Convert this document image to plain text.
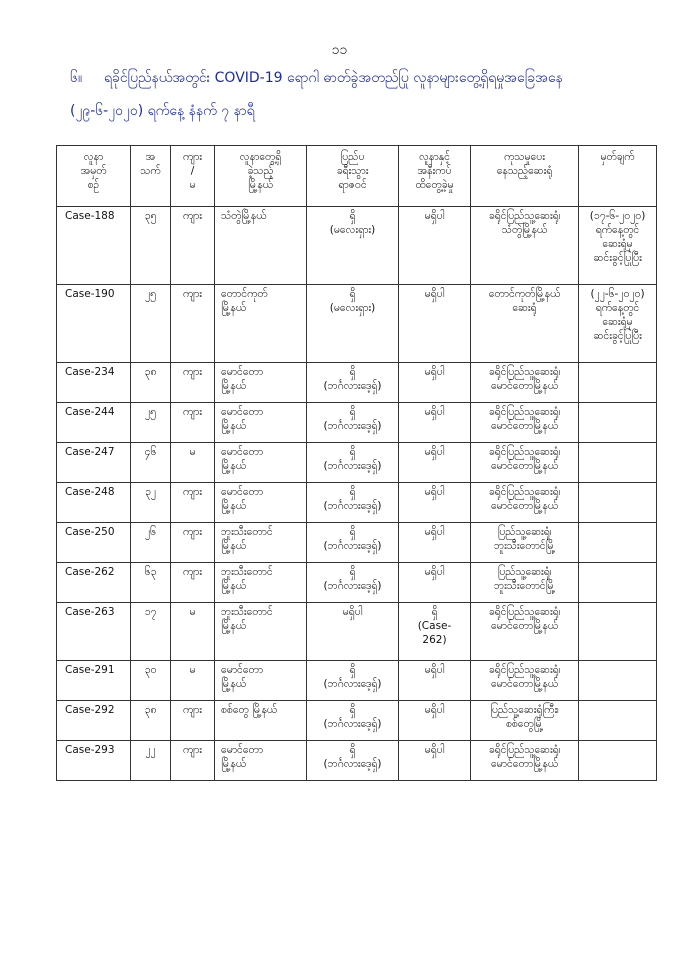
၁၁
၆။ ရခိုင်ပြည်နယ်အတွင်း COVID-19 ရောဂါ ဓာတ်ခွဲအတည်ပြု လူနာများတွေ့ရှိရမှုအခြေအနေ
(၂၉-၆-၂၀၂၀) ရက်နေ့ နံနက် ၇ နာရီ
လူနာ
အမှတ်
စဉ်	အ
သက်	ကျား
/
မ	လူနာတွေ့ရှိ
ခဲ့သည့်
မြို့နယ်	ပြည်ပ
ခရီးသွား
ရာဇဝင်	လူနာနှင့်
အနီးကပ်
ထိတွေ့ခဲ့မှု	ကုသမှုပေး
နေသည့်ဆေးရုံ	မှတ်ချက်
Case-188	၃၅	ကျား	သံတွဲမြို့နယ်	ရှိ
(မလေးရှား)	မရှိပါ	ခရိုင်ပြည်သူ့ဆေးရုံ၊
သံတွဲမြို့နယ်	(၁၇-၆-၂၀၂၀)
ရက်နေ့တွင်
ဆေးရုံမှ
ဆင်းခွင့်ပြုပြီး
Case-190	၂၅	ကျား	တောင်ကုတ်
မြို့နယ်	ရှိ
(မလေးရှား)	မရှိပါ	တောင်ကုတ်မြို့နယ်
ဆေးရုံ	(၂၂-၆-၂၀၂၀)
ရက်နေ့တွင်
ဆေးရုံမှ
ဆင်းခွင့်ပြုပြီး
Case-234	၃၈	ကျား	မောင်တော
မြို့နယ်	ရှိ
(ဘင်္ဂလားဒေ့ရှ်)	မရှိပါ	ခရိုင်ပြည်သူ့ဆေးရုံ၊
မောင်တောမြို့နယ်	
Case-244	၂၅	ကျား	မောင်တော
မြို့နယ်	ရှိ
(ဘင်္ဂလားဒေ့ရှ်)	မရှိပါ	ခရိုင်ပြည်သူ့ဆေးရုံ၊
မောင်တောမြို့နယ်	
Case-247	၄၆	မ	မောင်တော
မြို့နယ်	ရှိ
(ဘင်္ဂလားဒေ့ရှ်)	မရှိပါ	ခရိုင်ပြည်သူ့ဆေးရုံ၊
မောင်တောမြို့နယ်	
Case-248	၃၂	ကျား	မောင်တော
မြို့နယ်	ရှိ
(ဘင်္ဂလားဒေ့ရှ်)	မရှိပါ	ခရိုင်ပြည်သူ့ဆေးရုံ၊
မောင်တောမြို့နယ်	
Case-250	၂၆	ကျား	ဘူးသီးတောင်
မြို့နယ်	ရှိ
(ဘင်္ဂလားဒေ့ရှ်)	မရှိပါ	ပြည်သူ့ဆေးရုံ၊
ဘူးသီးတောင်မြို့	
Case-262	၆၃	ကျား	ဘူးသီးတောင်
မြို့နယ်	ရှိ
(ဘင်္ဂလားဒေ့ရှ်)	မရှိပါ	ပြည်သူ့ဆေးရုံ၊
ဘူးသီးတောင်မြို့	
Case-263	၁၇	မ	ဘူးသီးတောင်
မြို့နယ်	မရှိပါ	ရှိ
(Case-
262)	ခရိုင်ပြည်သူ့ဆေးရုံ၊
မောင်တောမြို့နယ်	
Case-291	၃၀	မ	မောင်တော
မြို့နယ်	ရှိ
(ဘင်္ဂလားဒေ့ရှ်)	မရှိပါ	ခရိုင်ပြည်သူ့ဆေးရုံ၊
မောင်တောမြို့နယ်	
Case-292	၃၈	ကျား	စစ်တွေ မြို့နယ်	ရှိ
(ဘင်္ဂလားဒေ့ရှ်)	မရှိပါ	ပြည်သူ့ဆေးရုံကြီး၊
စစ်တွေမြို့	
Case-293	၂၂	ကျား	မောင်တော
မြို့နယ်	ရှိ
(ဘင်္ဂလားဒေ့ရှ်)	မရှိပါ	ခရိုင်ပြည်သူ့ဆေးရုံ၊
မောင်တောမြို့နယ်	
